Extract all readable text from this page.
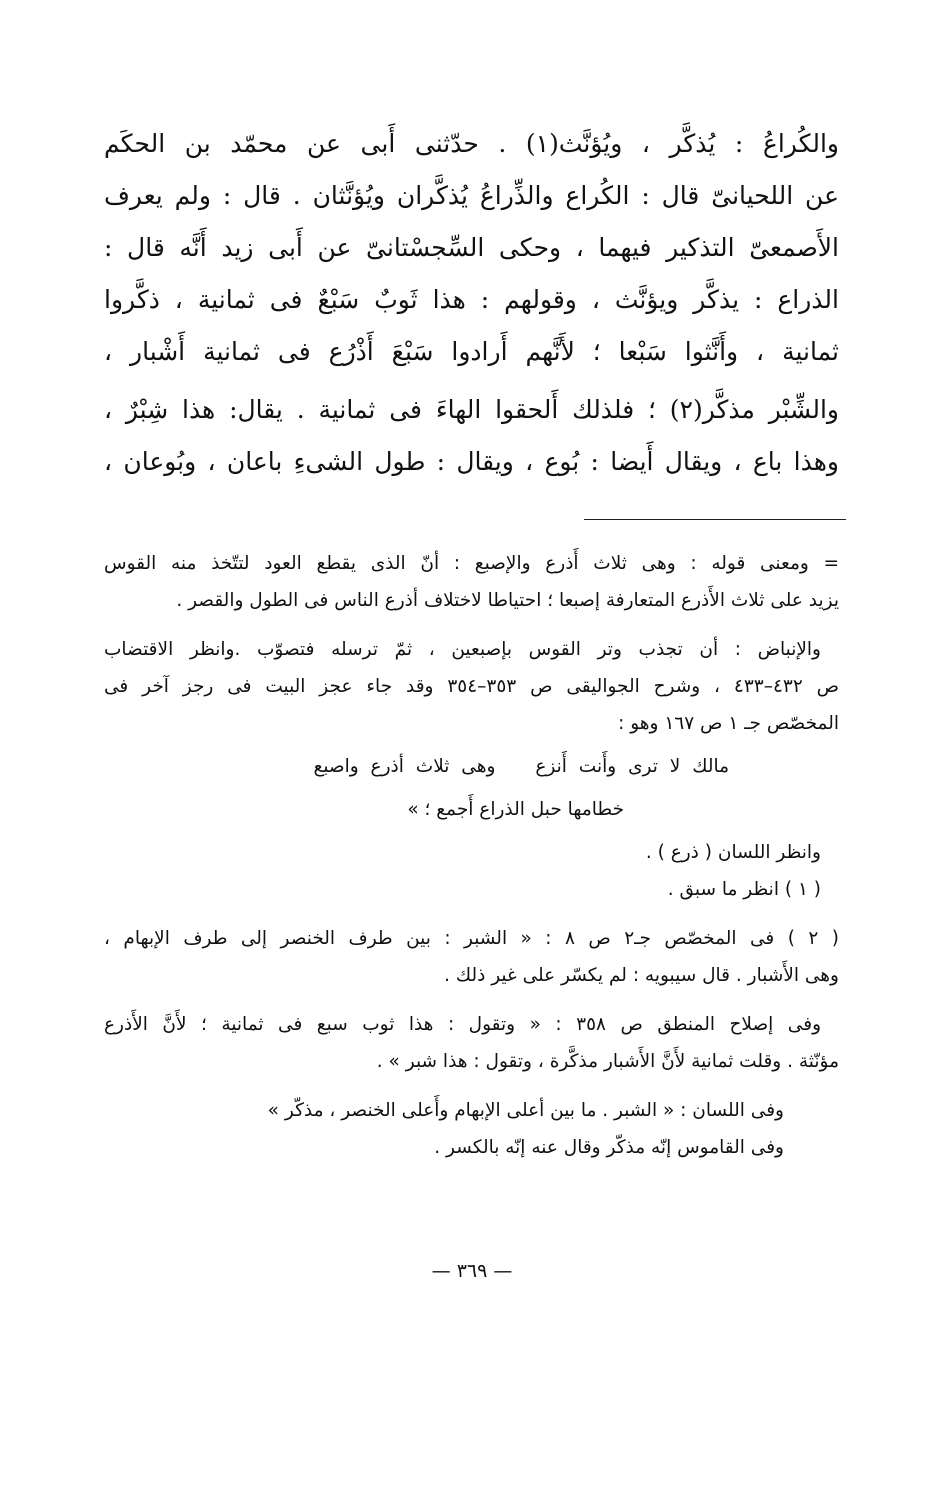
والكُراعُ : يُذكَّر ، ويُؤنَّث(١) . حدّثنى أَبى عن محمّد بن الحكَم

عن اللحيانىّ قال : الكُراع والذِّراعُ يُذكَّران ويُؤنَّثان . قال : ولم يعرف

الأَصمعىّ التذكير فيهما ، وحكى السِّجسْتانىّ عن أَبى زيد أَنَّه قال :

الذراع : يذكَّر ويؤنَّث ، وقولهم : هذا ثَوبٌ سَبْعٌ فى ثمانية ، ذكَّروا

ثمانية ، وأَنَّثوا سَبْعا ؛ لأَنَّهم أَرادوا سَبْعَ أَذْرُع فى ثمانية أَشْبار ،

والشِّبْر مذكَّر(٢) ؛ فلذلك أَلحقوا الهاءَ فى ثمانية . يقال: هذا شِبْرٌ ،

وهذا باع ، ويقال أَيضا : بُوع ، ويقال : طول الشىءِ باعان ، وبُوعان ،

= ومعنى قوله : وهى ثلاث أَذرع والإصبع : أنّ الذى يقطع العود لتتّخذ منه القوس

يزيد على ثلاث الأَذرع المتعارفة إصبعا ؛ احتياطا لاختلاف أذرع الناس فى الطول والقصر .

والإنباض : أن تجذب وتر القوس بإصبعين ، ثمّ ترسله فتصوّب .وانظر الاقتضاب

ص ٤٣٢–٤٣٣ ، وشرح الجواليقى ص ٣٥٣–٣٥٤ وقد جاء عجز البيت فى رجز آخر فى

المخصّص جـ ١ ص ١٦٧ وهو :

مالك لا ترى وأَنت أَنزعوهى ثلاث أذرع واصبع
خطامها حبل الذراع أَجمع ؛ »

وانظر اللسان ( ذرع ) .

( ١ ) انظر ما سبق .

( ٢ ) فى المخصّص جـ٢ ص ٨ : « الشبر : بين طرف الخنصر إلى طرف الإبهام ،

وهى الأَشبار . قال سيبويه : لم يكسّر على غير ذلك .

وفى إصلاح المنطق ص ٣٥٨ : « وتقول : هذا ثوب سبع فى ثمانية ؛ لأَنَّ الأَذرع

مؤنّثة . وقلت ثمانية لأَنَّ الأَشبار مذكَّرة ، وتقول : هذا شبر » .

وفى اللسان : « الشبر . ما بين أعلى الإبهام وأَعلى الخنصر ، مذكّر »

وفى القاموس إنّه مذكّر وقال عنه إنّه بالكسر .

— ٣٦٩ —
